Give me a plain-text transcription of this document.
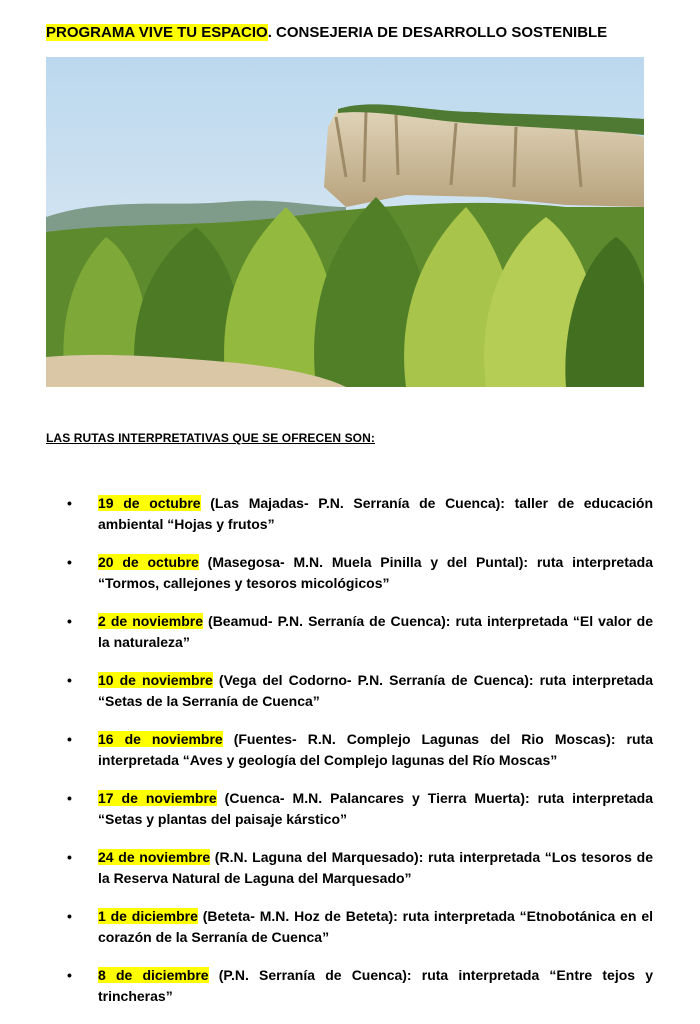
PROGRAMA VIVE TU ESPACIO. CONSEJERIA DE DESARROLLO SOSTENIBLE
LAS RUTAS INTERPRETATIVAS QUE SE OFRECEN SON:
• 19 de octubre (Las Majadas- P.N. Serranía de Cuenca): taller de educación ambiental “Hojas y frutos”
• 20 de octubre (Masegosa- M.N. Muela Pinilla y del Puntal): ruta interpretada “Tormos, callejones y tesoros micológicos”
• 2 de noviembre (Beamud- P.N. Serranía de Cuenca): ruta interpretada “El valor de la naturaleza”
• 10 de noviembre (Vega del Codorno- P.N. Serranía de Cuenca): ruta interpretada “Setas de la Serranía de Cuenca”
• 16 de noviembre (Fuentes- R.N. Complejo Lagunas del Rio Moscas): ruta interpretada “Aves y geología del Complejo lagunas del Río Moscas”
• 17 de noviembre (Cuenca- M.N. Palancares y Tierra Muerta): ruta interpretada “Setas y plantas del paisaje kárstico”
• 24 de noviembre (R.N. Laguna del Marquesado): ruta interpretada “Los tesoros de la Reserva Natural de Laguna del Marquesado”
• 1 de diciembre (Beteta- M.N. Hoz de Beteta): ruta interpretada “Etnobotánica en el corazón de la Serranía de Cuenca”
• 8 de diciembre (P.N. Serranía de Cuenca): ruta interpretada “Entre tejos y trincheras”
